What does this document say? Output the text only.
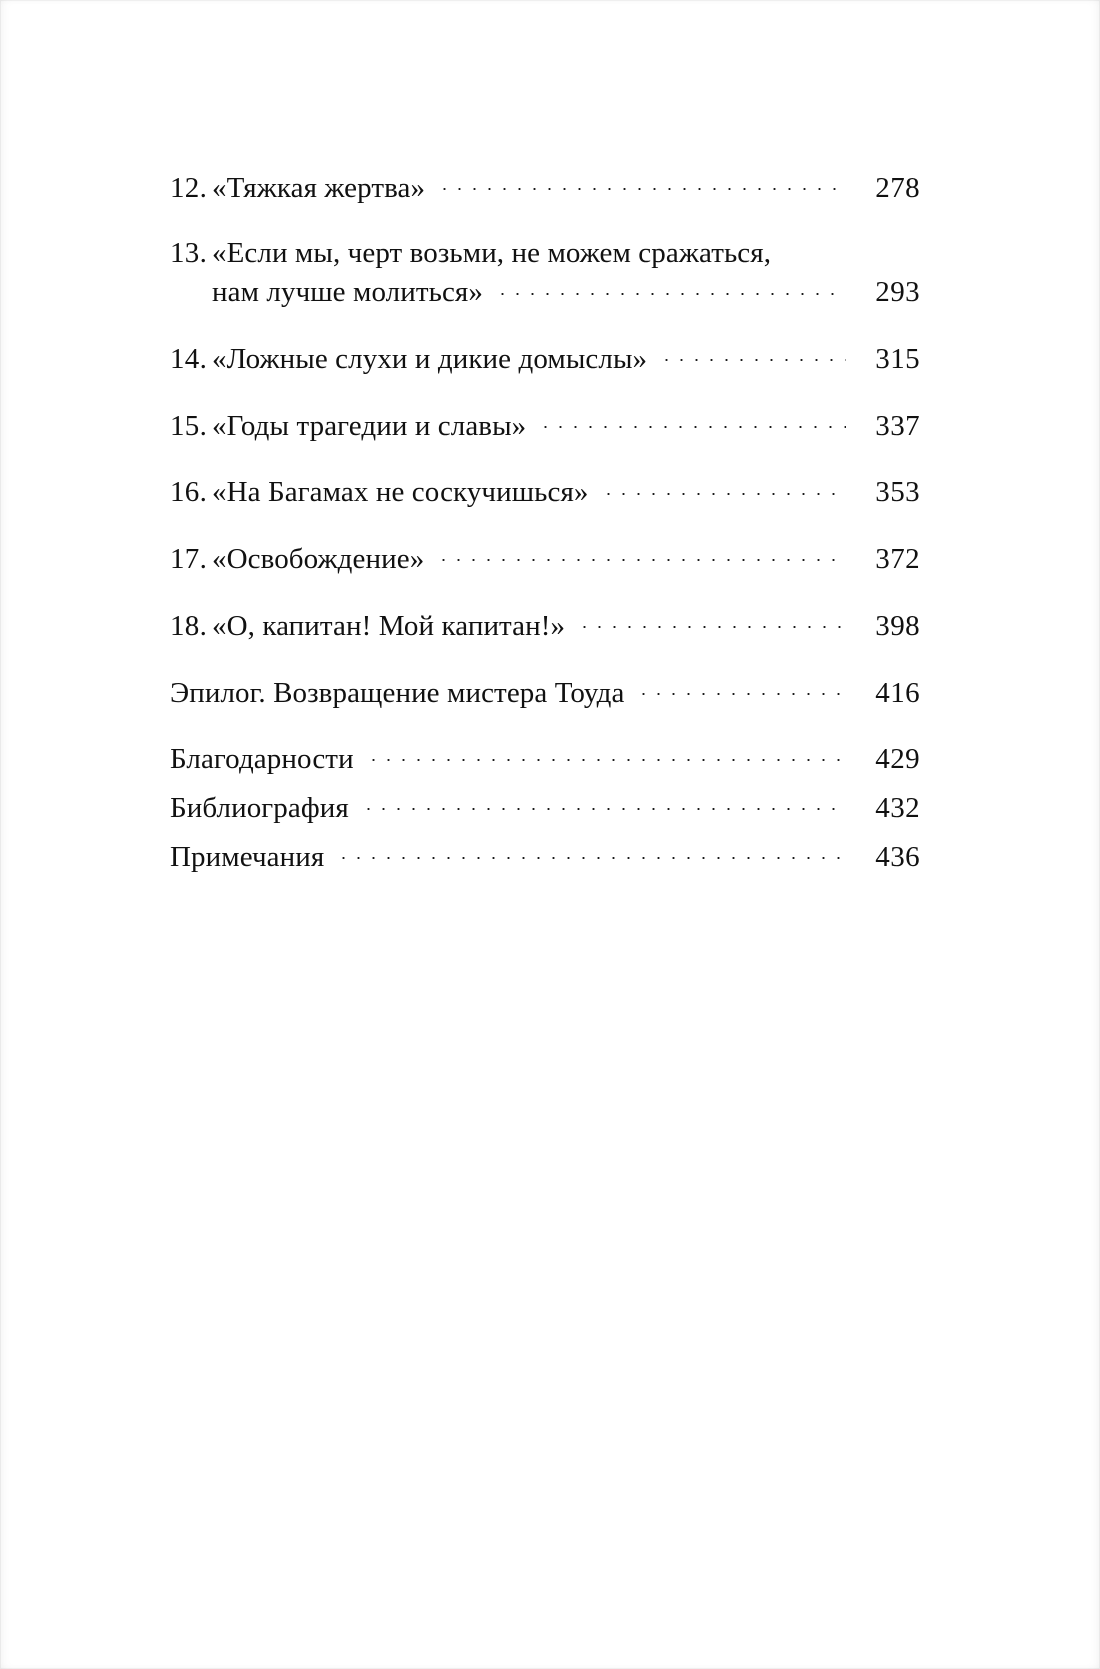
12. «Тяжкая жертва»	278
13. «Если мы, черт возьми, не можем сражаться,
нам лучше молиться»	293
14. «Ложные слухи и дикие домыслы»	315
15. «Годы трагедии и славы»	337
16. «На Багамах не соскучишься»	353
17. «Освобождение»	372
18. «О, капитан! Мой капитан!»	398
Эпилог. Возвращение мистера Тоуда	416
Благодарности	429
Библиография	432
Примечания	436
